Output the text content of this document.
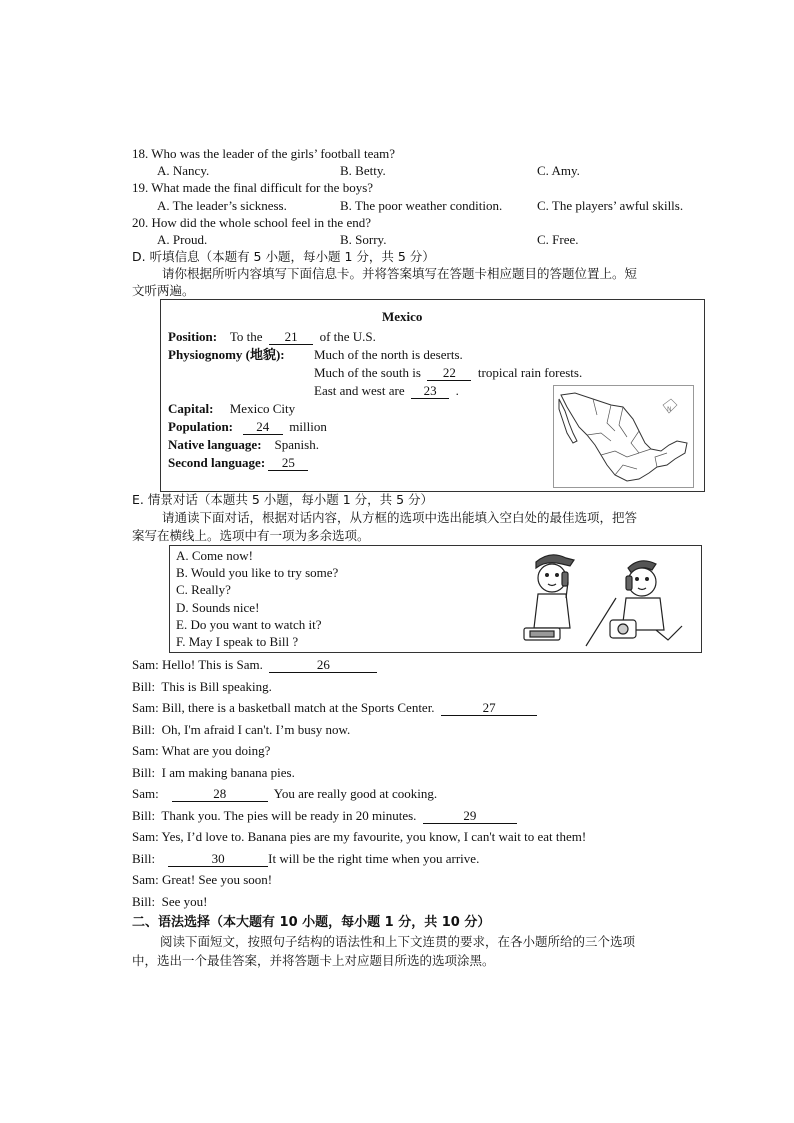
18. Who was the leader of the girls’ football team?
A. Nancy.	B. Betty.	C. Amy.
19. What made the final difficult for the boys?
A. The leader’s sickness.	B. The poor weather condition.	C. The players’ awful skills.
20. How did the whole school feel in the end?
A. Proud.	B. Sorry.	C. Free.
D. 听填信息（本题有 5 小题，每小题 1 分，共 5 分）
请你根据所听内容填写下面信息卡。并将答案填写在答题卡相应题目的答题位置上。短
文听两遍。
Mexico
Position: To the 21 of the U.S.
Physiognomy (地貌): Much of the north is deserts.
Much of the south is 22 tropical rain forests.
East and west are 23 .
Capital: Mexico City
Population: 24 million
Native language: Spanish.
Second language: 25
N
E. 情景对话（本题共 5 小题，每小题 1 分，共 5 分）
请通读下面对话，根据对话内容，从方框的选项中选出能填入空白处的最佳选项，把答
案写在横线上。选项中有一项为多余选项。
A. Come now!
B. Would you like to try some?
C. Really?
D. Sounds nice!
E. Do you want to watch it?
F. May I speak to Bill ?
Sam: Hello! This is Sam.	26
Bill: This is Bill speaking.
Sam: Bill, there is a basketball match at the Sports Center.	27
Bill: Oh, I'm afraid I can't. I’m busy now.
Sam: What are you doing?
Bill: I am making banana pies.
Sam:	28	You are really good at cooking.
Bill: Thank you. The pies will be ready in 20 minutes.	29
Sam: Yes, I’d love to. Banana pies are my favourite, you know, I can't wait to eat them!
Bill:	30	It will be the right time when you arrive.
Sam: Great! See you soon!
Bill: See you!
二、语法选择（本大题有 10 小题，每小题 1 分，共 10 分）
阅读下面短文，按照句子结构的语法性和上下文连贯的要求，在各小题所给的三个选项
中，选出一个最佳答案，并将答题卡上对应题目所选的选项涂黑。
